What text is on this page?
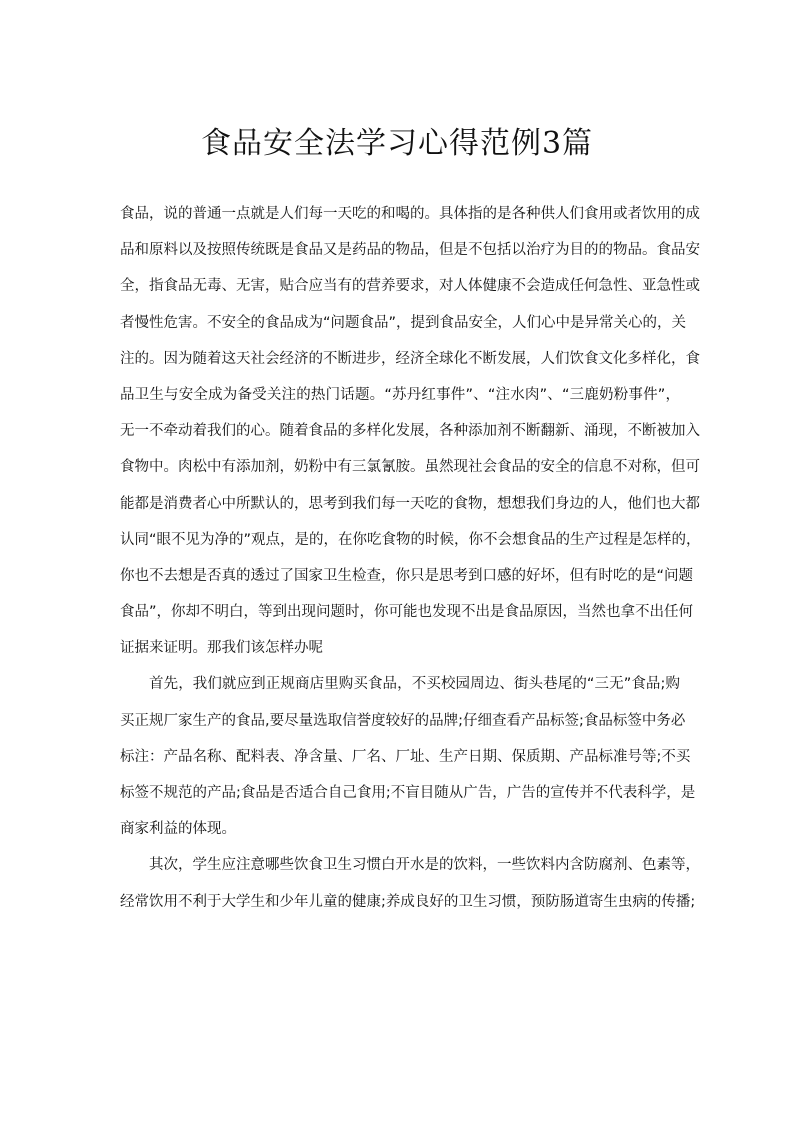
食品安全法学习心得范例3篇
食品，说的普通一点就是人们每一天吃的和喝的。具体指的是各种供人们食用或者饮用的成
品和原料以及按照传统既是食品又是药品的物品，但是不包括以治疗为目的的物品。食品安
全，指食品无毒、无害，贴合应当有的营养要求，对人体健康不会造成任何急性、亚急性或
者慢性危害。不安全的食品成为“问题食品”，提到食品安全，人们心中是异常关心的，关
注的。因为随着这天社会经济的不断进步，经济全球化不断发展，人们饮食文化多样化，食
品卫生与安全成为备受关注的热门话题。“苏丹红事件”、“注水肉”、“三鹿奶粉事件”，
无一不牵动着我们的心。随着食品的多样化发展，各种添加剂不断翻新、涌现，不断被加入
食物中。肉松中有添加剂，奶粉中有三氯氰胺。虽然现社会食品的安全的信息不对称，但可
能都是消费者心中所默认的，思考到我们每一天吃的食物，想想我们身边的人，他们也大都
认同“眼不见为净的”观点，是的，在你吃食物的时候，你不会想食品的生产过程是怎样的，
你也不去想是否真的透过了国家卫生检查，你只是思考到口感的好坏，但有时吃的是“问题
食品”，你却不明白，等到出现问题时，你可能也发现不出是食品原因，当然也拿不出任何
证据来证明。那我们该怎样办呢
首先，我们就应到正规商店里购买食品，不买校园周边、街头巷尾的“三无”食品;购
买正规厂家生产的食品,要尽量选取信誉度较好的品牌;仔细查看产品标签;食品标签中务必
标注：产品名称、配料表、净含量、厂名、厂址、生产日期、保质期、产品标准号等;不买
标签不规范的产品;食品是否适合自己食用;不盲目随从广告，广告的宣传并不代表科学，是
商家利益的体现。
其次，学生应注意哪些饮食卫生习惯白开水是的饮料，一些饮料内含防腐剂、色素等，
经常饮用不利于大学生和少年儿童的健康;养成良好的卫生习惯，预防肠道寄生虫病的传播;
